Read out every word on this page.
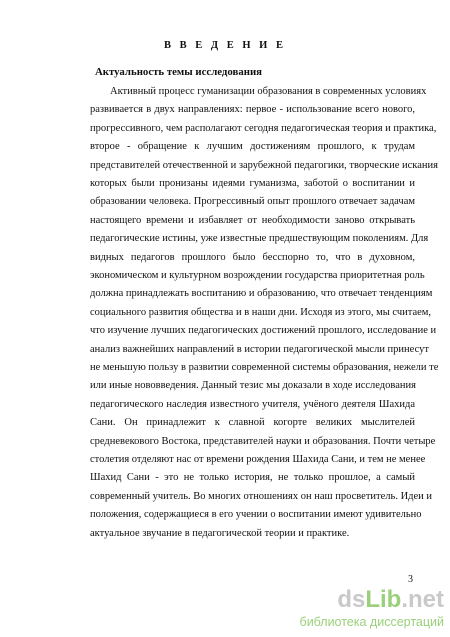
В В Е Д Е Н И Е
Актуальность темы исследования
Активный процесс гуманизации образования в современных условиях
развивается в двух направлениях: первое - использование всего нового,
прогрессивного, чем располагают сегодня педагогическая теория и практика,
второе - обращение к лучшим достижениям прошлого, к трудам
представителей отечественной и зарубежной педагогики, творческие искания
которых были пронизаны идеями гуманизма, заботой о воспитании и
образовании человека. Прогрессивный опыт прошлого отвечает задачам
настоящего времени и избавляет от необходимости заново открывать
педагогические истины, уже известные предшествующим поколениям. Для
видных педагогов прошлого было бесспорно то, что в духовном,
экономическом и культурном возрождении государства приоритетная роль
должна принадлежать воспитанию и образованию, что отвечает тенденциям
социального развития общества и в наши дни. Исходя из этого, мы считаем,
что изучение лучших педагогических достижений прошлого, исследование и
анализ важнейших направлений в истории педагогической мысли принесут
не меньшую пользу в развитии современной системы образования, нежели те
или иные нововведения. Данный тезис мы доказали в ходе исследования
педагогического наследия известного учителя, учёного деятеля Шахида
Сани. Он принадлежит к славной когорте великих мыслителей
средневекового Востока, представителей науки и образования. Почти четыре
столетия отделяют нас от времени рождения Шахида Сани, и тем не менее
Шахид Сани - это не только история, не только прошлое, а самый
современный учитель. Во многих отношениях он наш просветитель. Идеи и
положения, содержащиеся в его учении о воспитании имеют удивительно
актуальное звучание в педагогической теории и практике.
3
dsLib.net
библиотека диссертаций
